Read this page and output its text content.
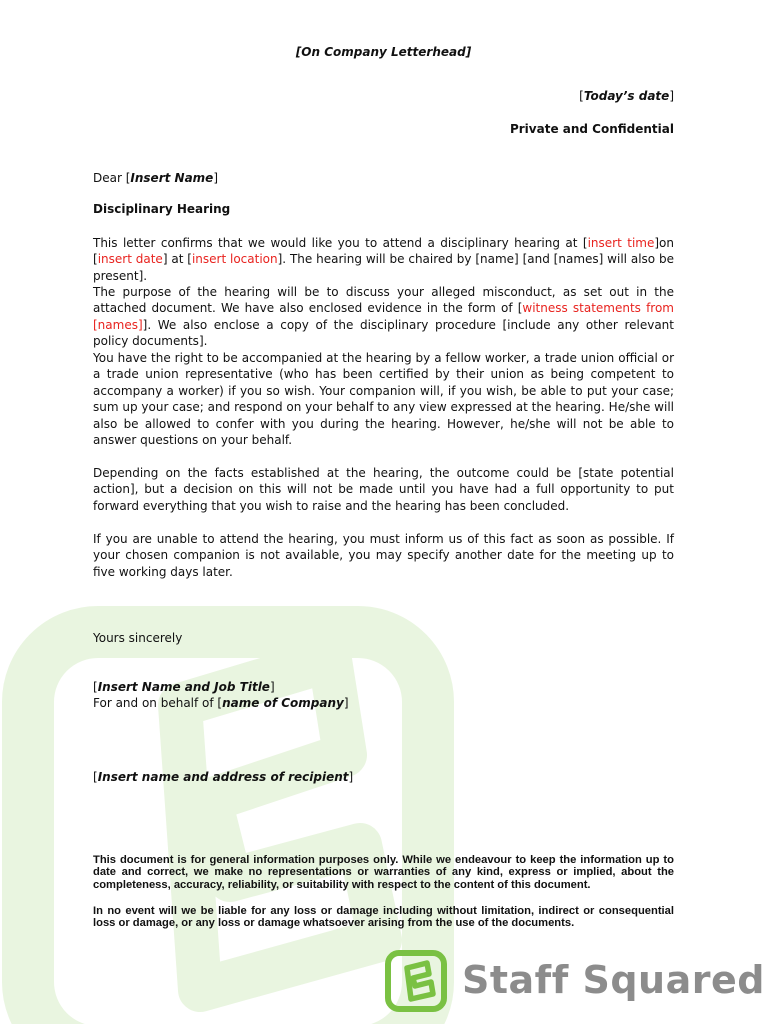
[On Company Letterhead]
[Today’s date]
Private and Confidential
Dear [Insert Name]
Disciplinary Hearing

This letter confirms that we would like you to attend a disciplinary hearing at [insert time]on [insert date] at [insert location]. The hearing will be chaired by [name] [and [names] will also be present].

The purpose of the hearing will be to discuss your alleged misconduct, as set out in the attached document. We have also enclosed evidence in the form of [witness statements from [names]]. We also enclose a copy of the disciplinary procedure [include any other relevant policy documents].

You have the right to be accompanied at the hearing by a fellow worker, a trade union official or a trade union representative (who has been certified by their union as being competent to accompany a worker) if you so wish. Your companion will, if you wish, be able to put your case; sum up your case; and respond on your behalf to any view expressed at the hearing. He/she will also be allowed to confer with you during the hearing. However, he/she will not be able to answer questions on your behalf.

Depending on the facts established at the hearing, the outcome could be [state potential action], but a decision on this will not be made until you have had a full opportunity to put forward everything that you wish to raise and the hearing has been concluded.

If you are unable to attend the hearing, you must inform us of this fact as soon as possible. If your chosen companion is not available, you may specify another date for the meeting up to five working days later.

Yours sincerely
[Insert Name and Job Title]
For and on behalf of [name of Company]
[Insert name and address of recipient]

This document is for general information purposes only. While we endeavour to keep the information up to date and correct, we make no representations or warranties of any kind, express or implied, about the completeness, accuracy, reliability, or suitability with respect to the content of this document.

In no event will we be liable for any loss or damage including without limitation, indirect or consequential loss or damage, or any loss or damage whatsoever arising from the use of the documents.

Staff Squared
